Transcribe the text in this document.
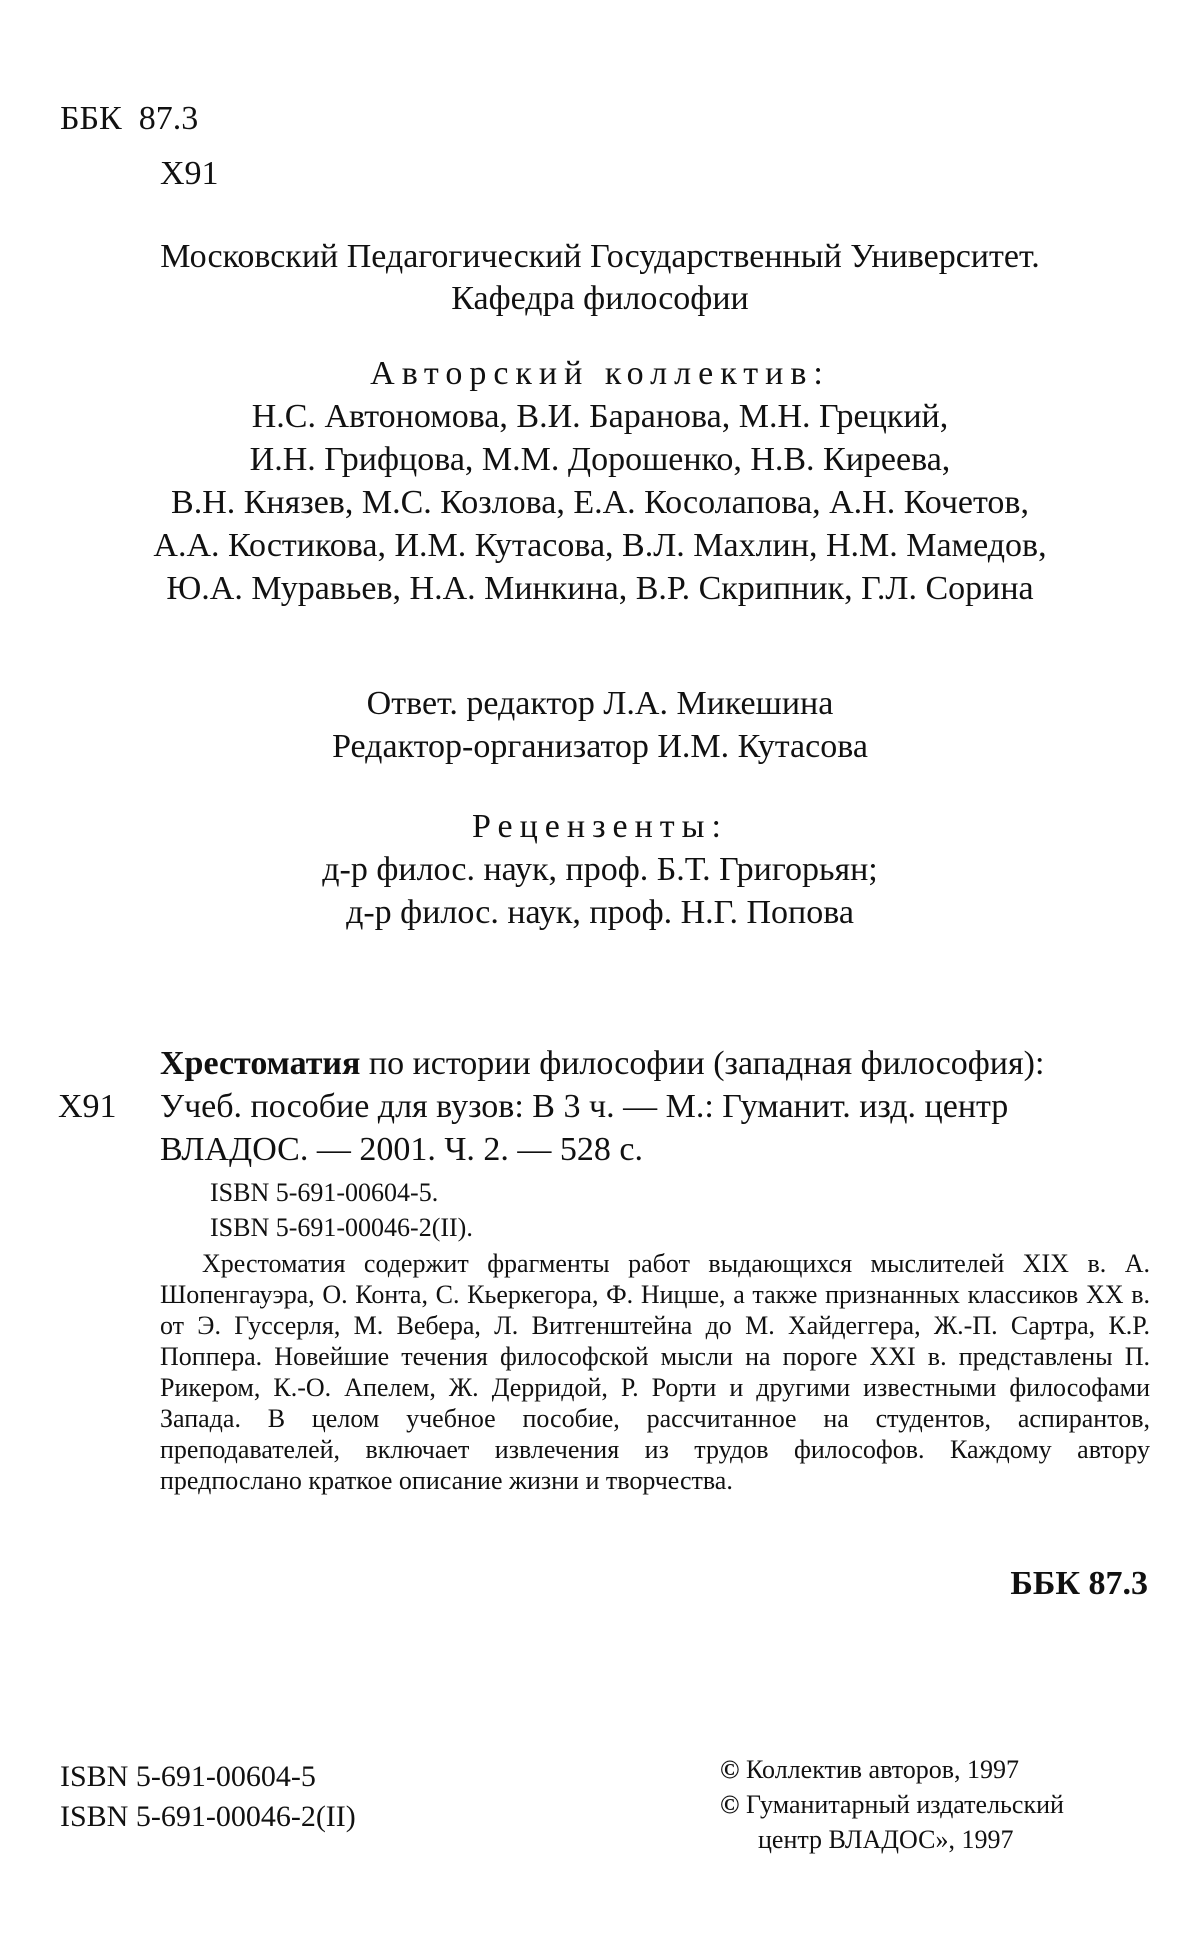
ББК 87.3
Х91
Московский Педагогический Государственный Университет.
Кафедра философии
Авторский коллектив:
Н.С. Автономова, В.И. Баранова, М.Н. Грецкий,
И.Н. Грифцова, М.М. Дорошенко, Н.В. Киреева,
В.Н. Князев, М.С. Козлова, Е.А. Косолапова, А.Н. Кочетов,
А.А. Костикова, И.М. Кутасова, В.Л. Махлин, Н.М. Мамедов,
Ю.А. Муравьев, Н.А. Минкина, В.Р. Скрипник, Г.Л. Сорина
Ответ. редактор Л.А. Микешина
Редактор-организатор И.М. Кутасова
Рецензенты:
д-р филос. наук, проф. Б.Т. Григорьян;
д-р филос. наук, проф. Н.Г. Попова
Хрестоматия по истории философии (западная философия):
Х91 Учеб. пособие для вузов: В 3 ч. — М.: Гуманит. изд. центр
ВЛАДОС. — 2001. Ч. 2. — 528 с.
ISBN 5-691-00604-5.
ISBN 5-691-00046-2(II).

Хрестоматия содержит фрагменты работ выдающихся мыслителей XIX в. А. Шопенгауэра, О. Конта, С. Кьеркегора, Ф. Ницше, а также признанных классиков XX в. от Э. Гуссерля, М. Вебера, Л. Витгенштейна до М. Хайдеггера, Ж.-П. Сартра, К.Р. Поппера. Новейшие течения философской мысли на пороге XXI в. представлены П. Рикером, К.-О. Апелем, Ж. Дерридой, Р. Рорти и другими известными философами Запада. В целом учебное пособие, рассчитанное на студентов, аспирантов, преподавателей, включает извлечения из трудов философов. Каждому автору предпослано краткое описание жизни и творчества.

ББК 87.3
ISBN 5-691-00604-5
ISBN 5-691-00046-2(II)
© Коллектив авторов, 1997
© Гуманитарный издательский
центр ВЛАДОС», 1997
